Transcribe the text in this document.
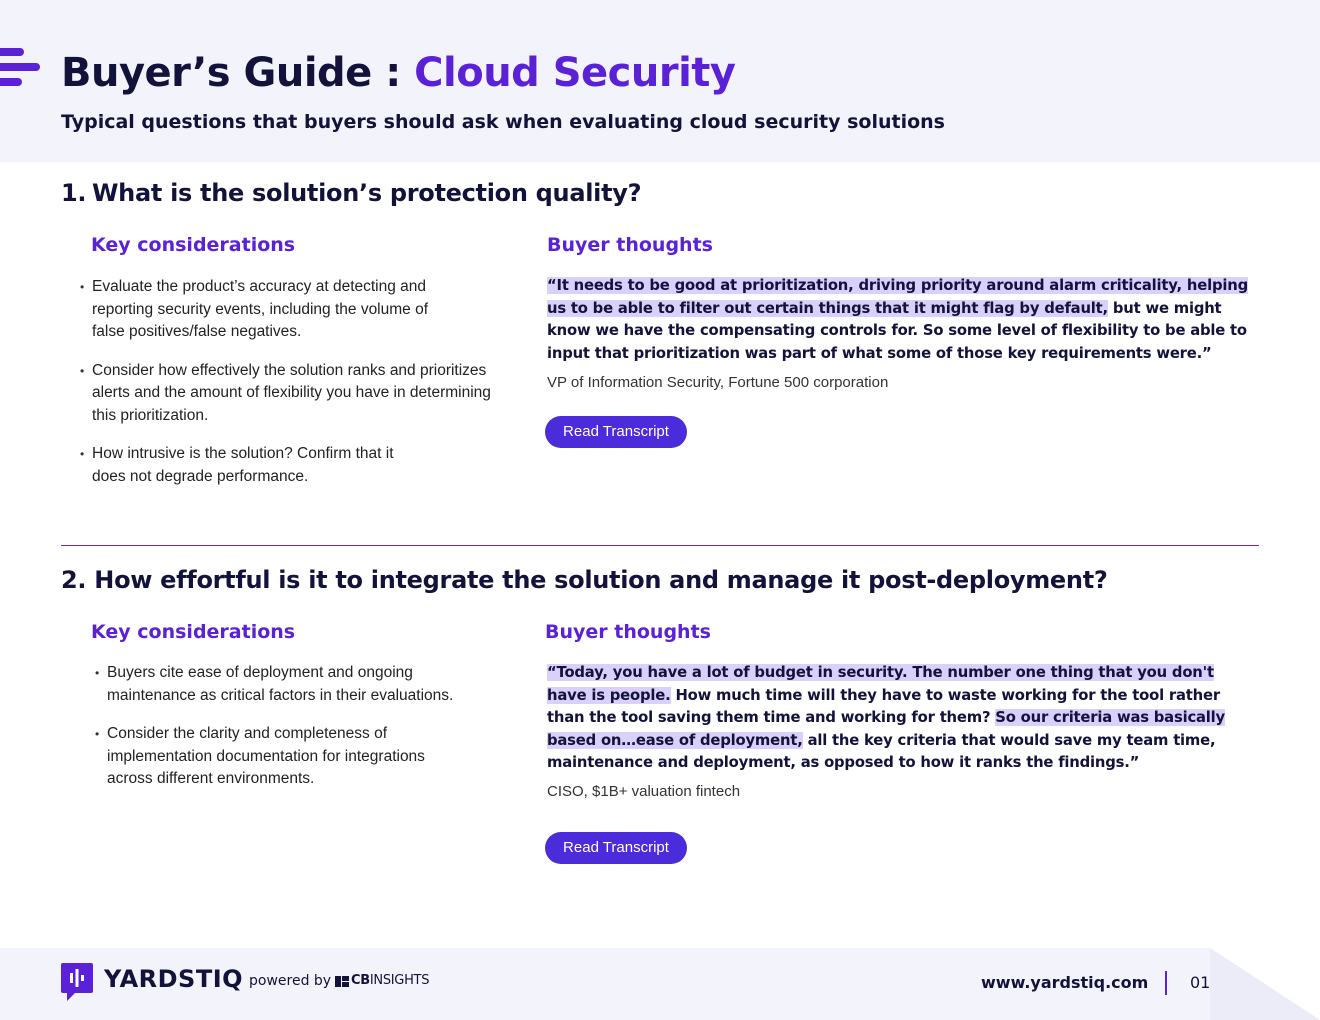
Buyer’s Guide : Cloud Security
Typical questions that buyers should ask when evaluating cloud security solutions
1. What is the solution’s protection quality?
Key considerations
• Evaluate the product’s accuracy at detecting and reporting security events, including the volume of false positives/false negatives.
• Consider how effectively the solution ranks and prioritizes alerts and the amount of flexibility you have in determining this prioritization.
• How intrusive is the solution? Confirm that it does not degrade performance.
Buyer thoughts
“It needs to be good at prioritization, driving priority around alarm criticality, helping us to be able to filter out certain things that it might flag by default, but we might know we have the compensating controls for. So some level of flexibility to be able to input that prioritization was part of what some of those key requirements were.”
VP of Information Security, Fortune 500 corporation
Read Transcript
2. How effortful is it to integrate the solution and manage it post-deployment?
Key considerations
• Buyers cite ease of deployment and ongoing maintenance as critical factors in their evaluations.
• Consider the clarity and completeness of implementation documentation for integrations across different environments.
Buyer thoughts
“Today, you have a lot of budget in security. The number one thing that you don't have is people. How much time will they have to waste working for the tool rather than the tool saving them time and working for them? So our criteria was basically based on…ease of deployment, all the key criteria that would save my team time, maintenance and deployment, as opposed to how it ranks the findings.”
CISO, $1B+ valuation fintech
Read Transcript
YARDSTIQ powered by CBINSIGHTS	www.yardstiq.com	01
